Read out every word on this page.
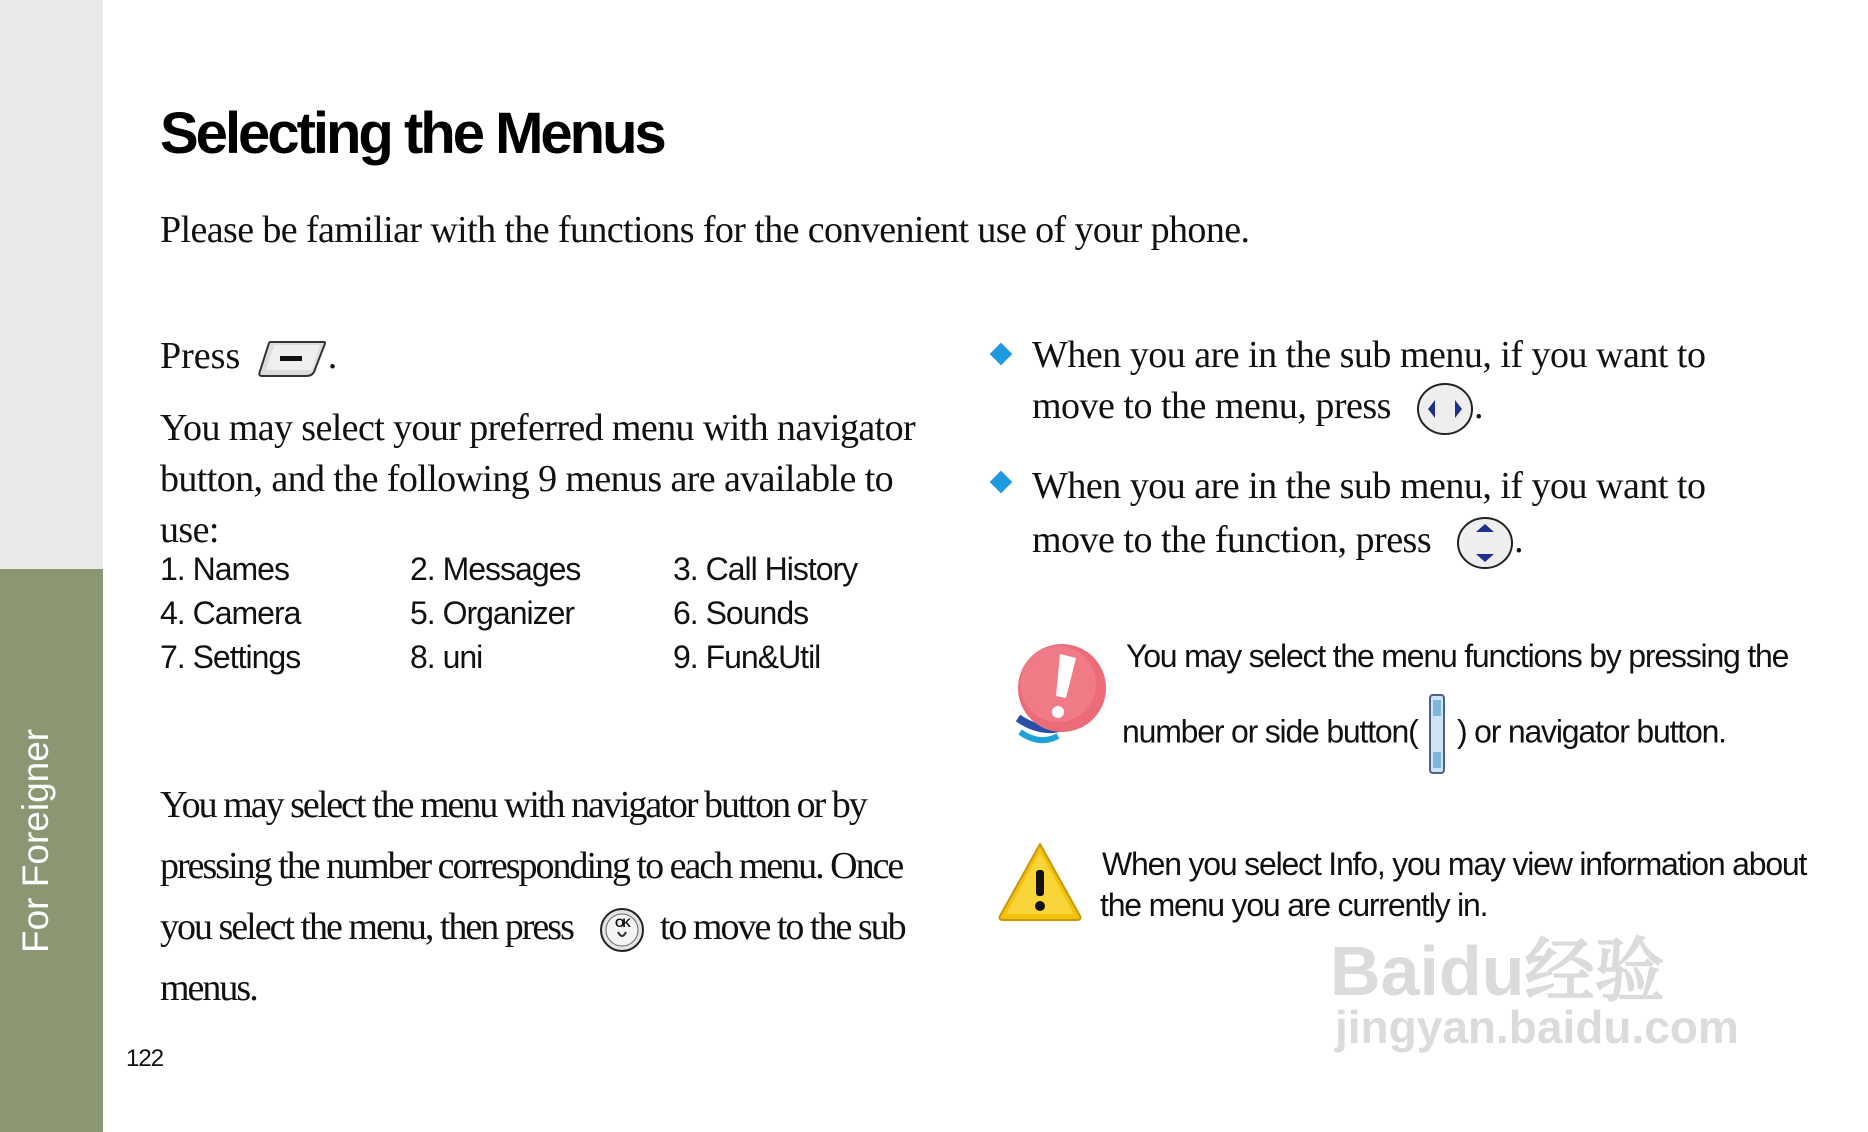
For Foreigner
Selecting the Menus
Please be familiar with the functions for the convenient use of your phone.
Press .
You may select your preferred menu with navigator button, and the following 9 menus are available to use:
1. Names	2. Messages	3. Call History
4. Camera	5. Organizer	6. Sounds
7. Settings	8. uni	9. Fun&Util
You may select the menu with navigator button or by pressing the number corresponding to each menu. Once you select the menu, then press	OK to move to the sub menus.
122
When you are in the sub menu, if you want to move to the menu, press .
When you are in the sub menu, if you want to move to the function, press .
You may select the menu functions by pressing the
number or side button( ) or navigator button.
When you select Info, you may view information about
the menu you are currently in.
Baidu经验
jingyan.baidu.com
